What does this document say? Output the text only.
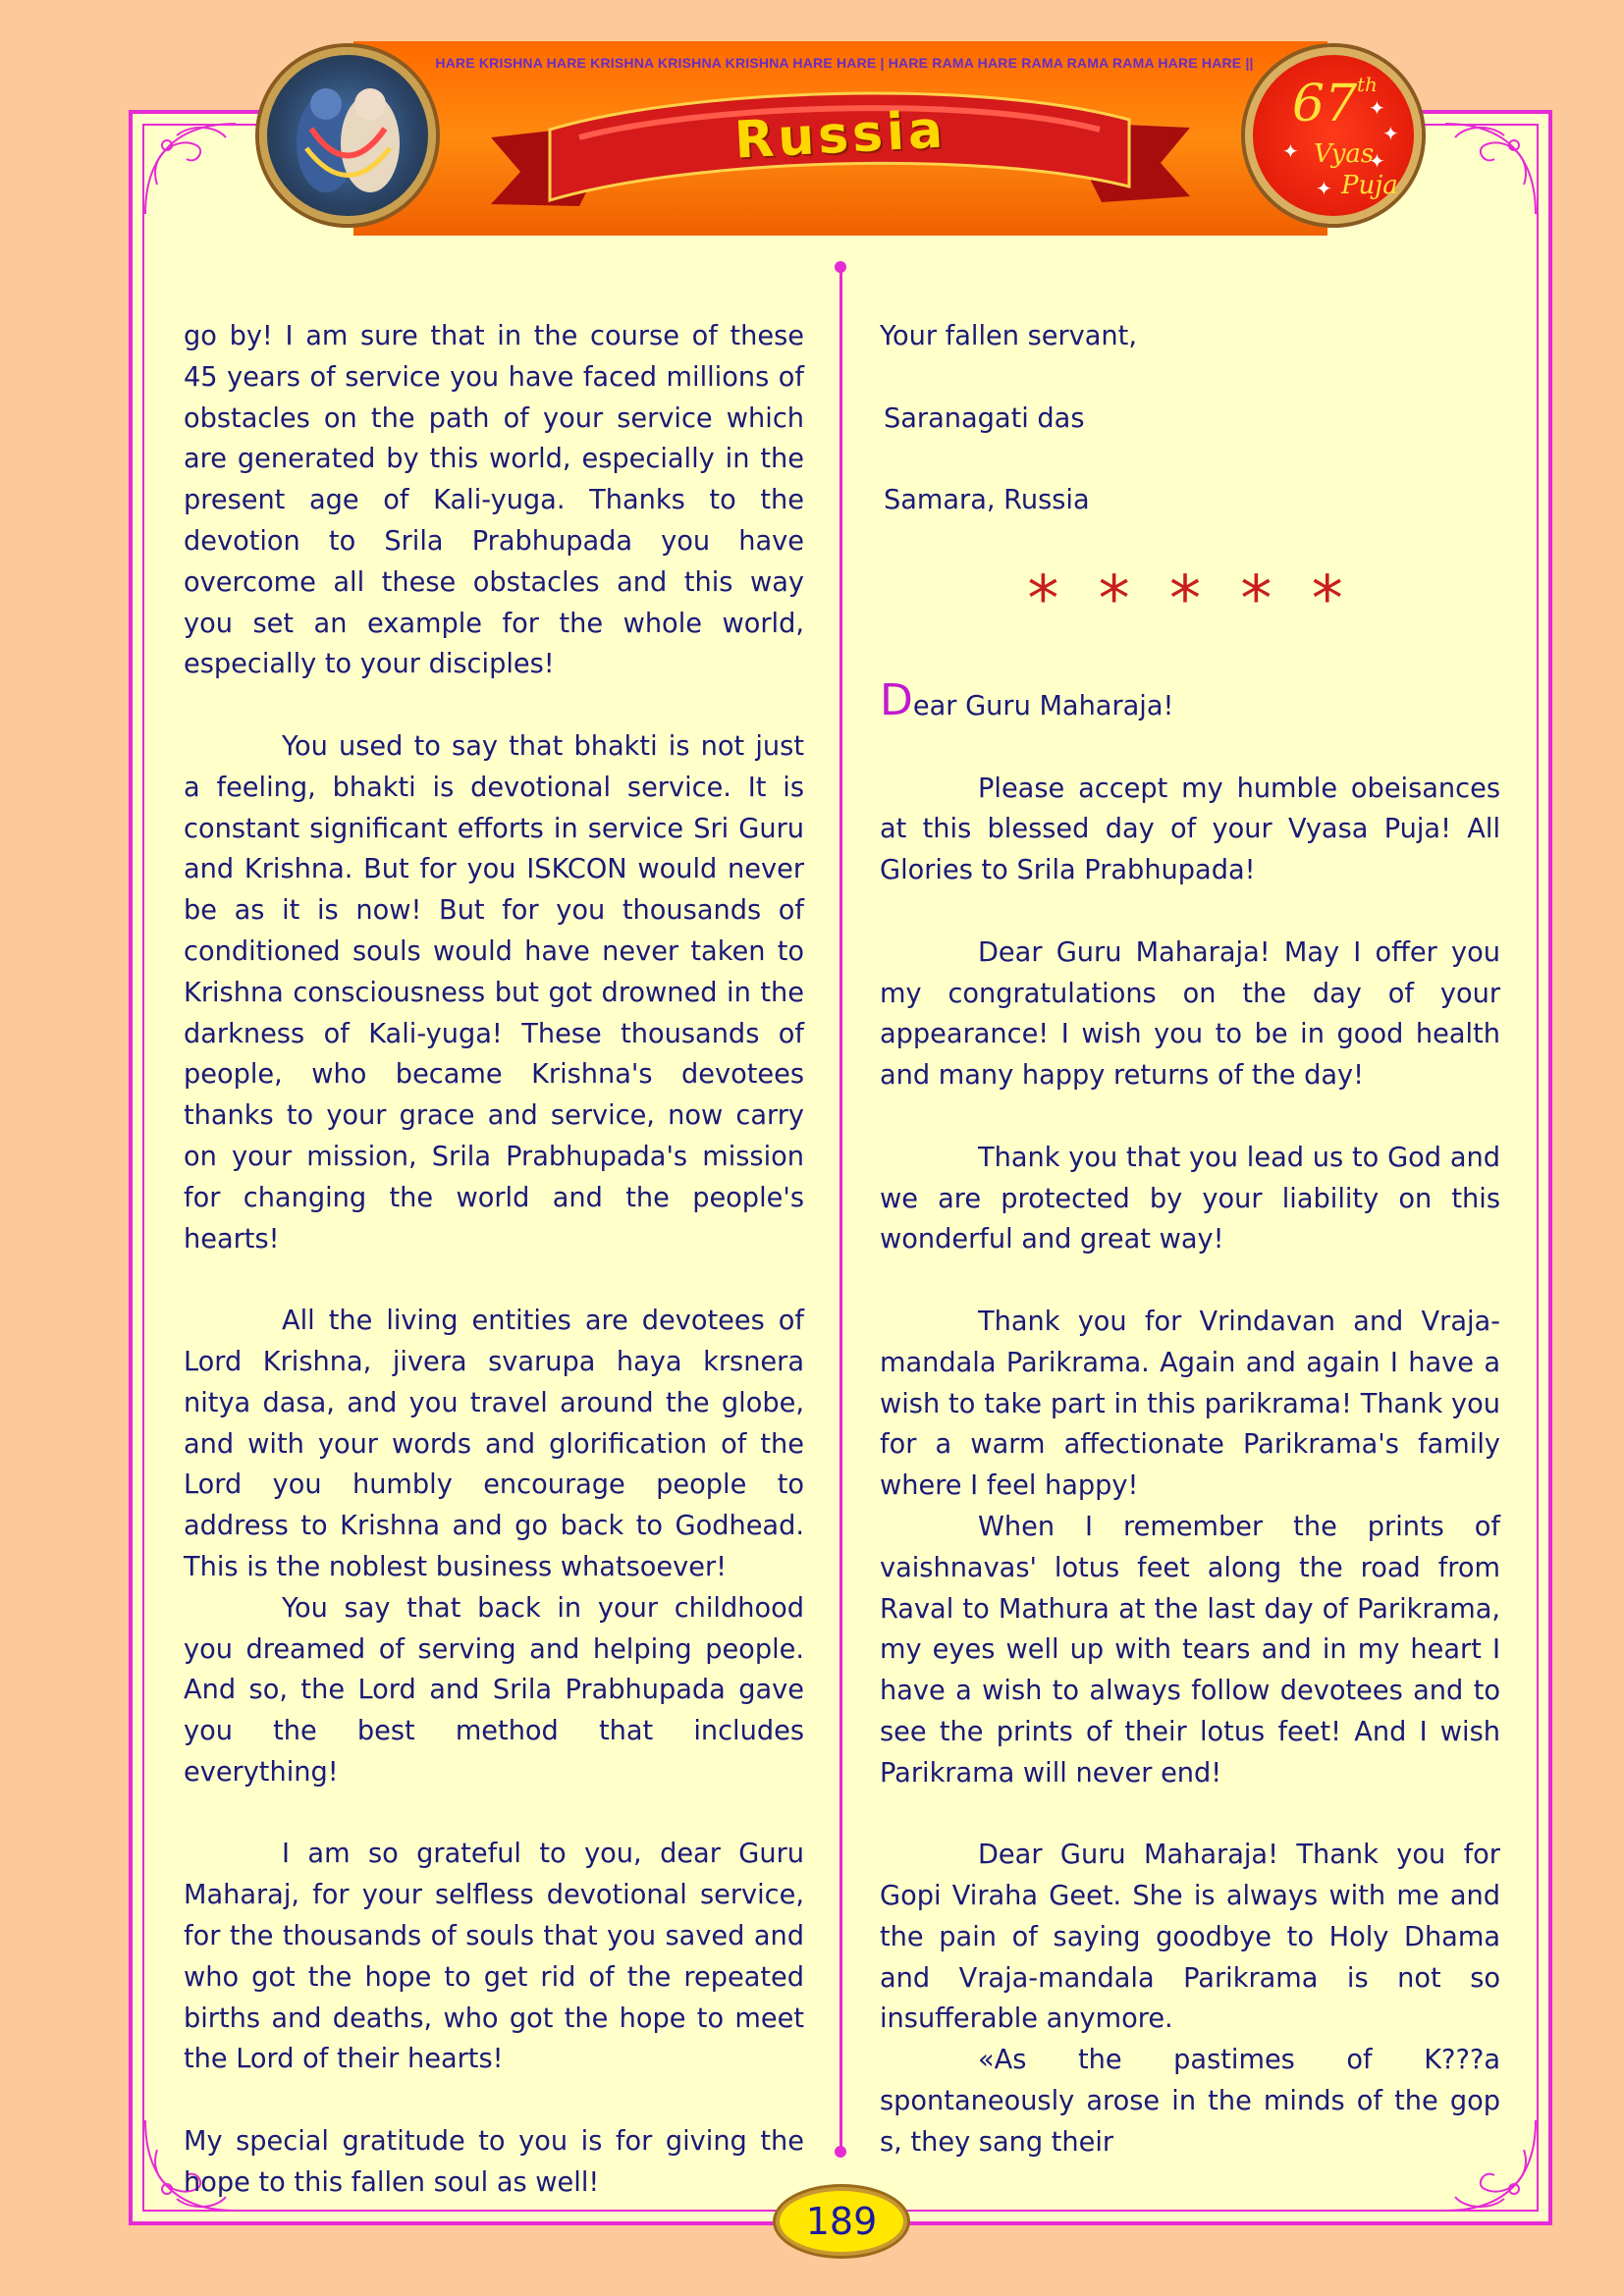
HARE KRISHNA HARE KRISHNA KRISHNA KRISHNA HARE HARE | HARE RAMA HARE RAMA RAMA RAMA HARE HARE ||
Russia	67 th
Vyas
Puja
✦
✦
✦	✦
✦

go by! I am sure that in the course of these 45 years of service you have faced millions of obstacles on the path of your service which are generated by this world, especially in the present age of Kali-yuga. Thanks to the devotion to Srila Prabhupada you have overcome all these obstacles and this way you set an example for the whole world, especially to your disciples!

You used to say that bhakti is not just a feeling, bhakti is devotional service. It is constant significant efforts in service Sri Guru and Krishna. But for you ISKCON would never be as it is now! But for you thousands of conditioned souls would have never taken to Krishna consciousness but got drowned in the darkness of Kali-yuga! These thousands of people, who became Krishna's devotees thanks to your grace and service, now carry on your mission, Srila Prabhupada's mission for changing the world and the people's hearts!

All the living entities are devotees of Lord Krishna, jivera svarupa haya krsnera nitya dasa, and you travel around the globe, and with your words and glorification of the Lord you humbly encourage people to address to Krishna and go back to Godhead. This is the noblest business whatsoever!

You say that back in your childhood you dreamed of serving and helping people. And so, the Lord and Srila Prabhupada gave you the best method that includes everything!

I am so grateful to you, dear Guru Maharaj, for your selfless devotional service, for the thousands of souls that you saved and who got the hope to get rid of the repeated births and deaths, who got the hope to meet the Lord of their hearts!

My special gratitude to you is for giving the hope to this fallen soul as well!

Your fallen servant,

Saranagati das

Samara, Russia

* * * * *

Dear Guru Maharaja!

Please accept my humble obeisances at this blessed day of your Vyasa Puja! All Glories to Srila Prabhupada!

Dear Guru Maharaja! May I offer you my congratulations on the day of your appearance! I wish you to be in good health and many happy returns of the day!

Thank you that you lead us to God and we are protected by your liability on this wonderful and great way!

Thank you for Vrindavan and Vraja-mandala Parikrama. Again and again I have a wish to take part in this parikrama! Thank you for a warm affectionate Parikrama's family where I feel happy!

When I remember the prints of vaishnavas' lotus feet along the road from Raval to Mathura at the last day of Parikrama, my eyes well up with tears and in my heart I have a wish to always follow devotees and to see the prints of their lotus feet! And I wish Parikrama will never end!

Dear Guru Maharaja! Thank you for Gopi Viraha Geet. She is always with me and the pain of saying goodbye to Holy Dhama and Vraja-mandala Parikrama is not so insufferable anymore.

«As the pastimes of K???a spontaneously arose in the minds of the gop s, they sang their

189
